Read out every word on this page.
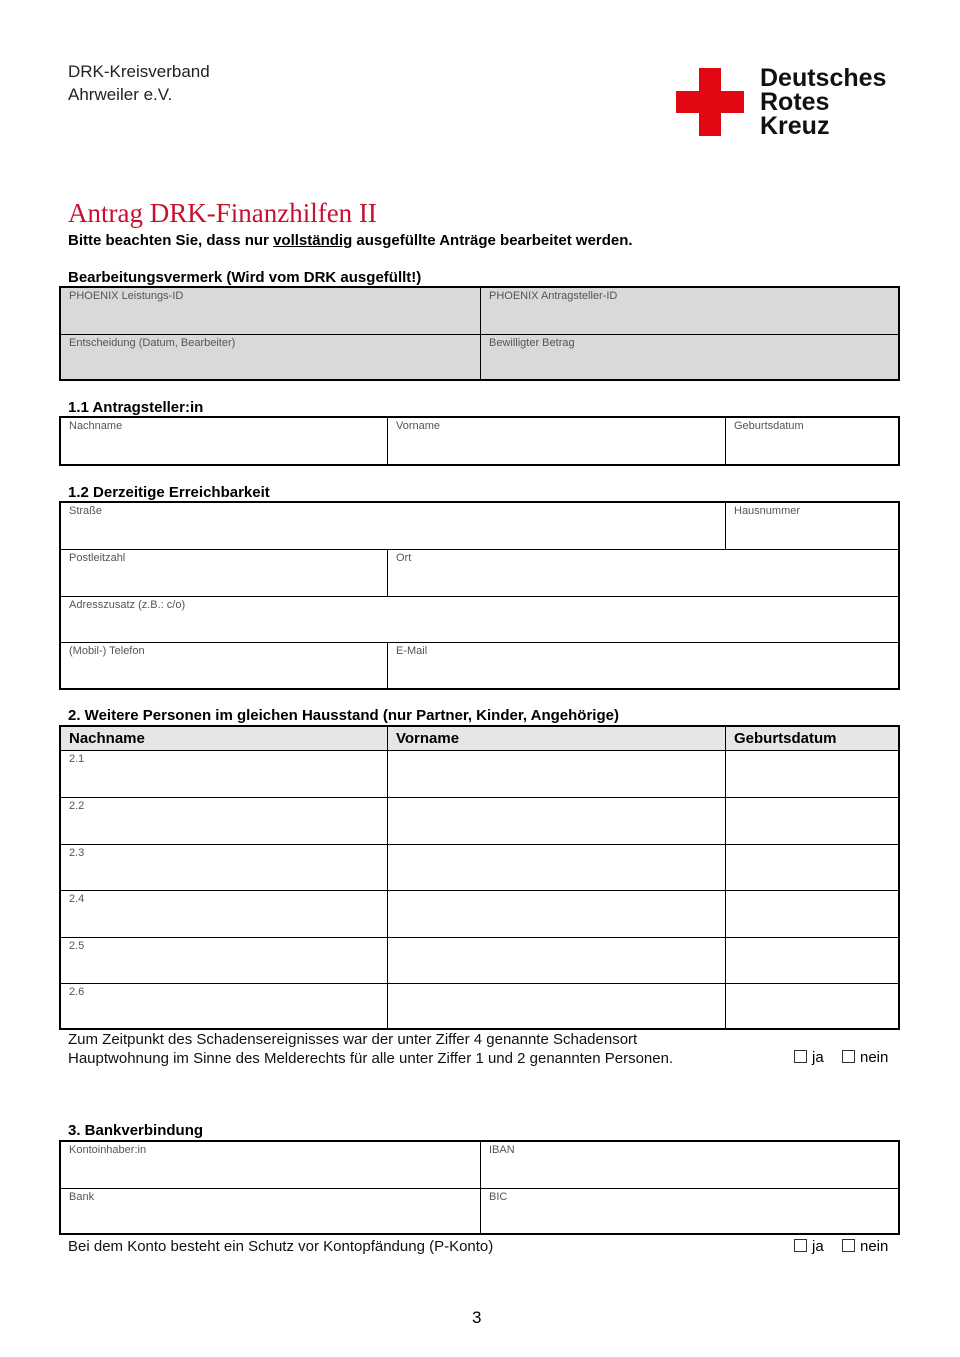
DRK-Kreisverband
Ahrweiler e.V.
Deutsches
Rotes
Kreuz
Antrag DRK-Finanzhilfen II
Bitte beachten Sie, dass nur vollständig ausgefüllte Anträge bearbeitet werden.
Bearbeitungsvermerk (Wird vom DRK ausgefüllt!)
PHOENIX Leistungs-ID	PHOENIX Antragsteller-ID
Entscheidung (Datum, Bearbeiter)	Bewilligter Betrag
1.1 Antragsteller:in
Nachname	Vorname	Geburtsdatum
1.2 Derzeitige Erreichbarkeit
Straße	Hausnummer
Postleitzahl	Ort
Adresszusatz (z.B.: c/o)
(Mobil-) Telefon	E-Mail
2. Weitere Personen im gleichen Hausstand (nur Partner, Kinder, Angehörige)
Nachname	Vorname	Geburtsdatum
2.1
2.2
2.3
2.4
2.5
2.6
Zum Zeitpunkt des Schadensereignisses war der unter Ziffer 4 genannte Schadensort Hauptwohnung im Sinne des Melderechts für alle unter Ziffer 1 und 2 genannten Personen.	ja	nein
3. Bankverbindung
Kontoinhaber:in	IBAN
Bank	BIC
Bei dem Konto besteht ein Schutz vor Kontopfändung (P-Konto)	ja	nein
3
